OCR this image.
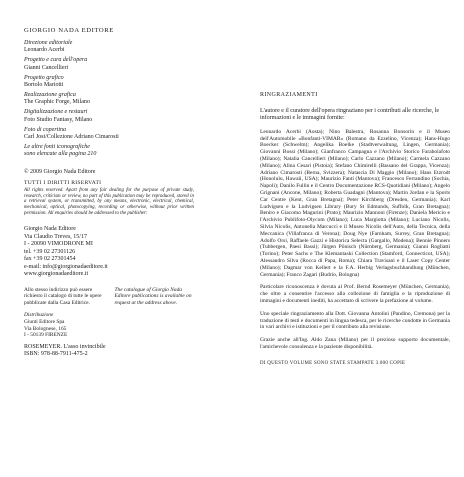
GIORGIO NADA EDITORE
Direzione editoriale
Leonardo Acerbi
Progetto e cura dell'opera
Gianni Cancellieri
Progetto grafico
Bortolo Mariotti
Realizzazione grafica
The Graphic Forge, Milano
Digitalizzazione e restauri
Foto Studio Fantasy, Milano
Foto di copertina
Carl Jost/Collezione Adriano Cimarosti
Le altre fonti iconografiche
sono elencate alla pagina 210
© 2009 Giorgio Nada Editore
TUTTI I DIRITTI RISERVATI
All rights reserved. Apart from any fair dealing for the purpose of private study, research, criticism or review, no part of this publication may be reproduced, stored in a retrieval system, or transmitted, by any means, electronic, electrical, chemical, mechanical, optical, photocopying, recording or otherwise, without prior written permission. All enquiries should be addressed to the publisher:
Giorgio Nada Editore
Via Claudio Treves, 15/17
I - 20090 VIMODRONE MI
tel. +39 02 27301126
fax +39 02 27301454
e-mail: info@giorgionadaeditore.it
www.giorgionadaeditore.it
Allo stesso indirizzo può essere richiesto il catalogo di tutte le opere pubblicate dalla Casa Editrice.
Distribuzione
Giunti Editore Spa
Via Bolognese, 165
I - 50139 FIRENZE
The catalogue of Giorgio Nada Editore publications is available on request at the address above.
ROSEMEYER. L'asso invincibile
ISBN: 978-88-7911-475-2
RINGRAZIAMENTI
L'autore e il curatore dell'opera ringraziano per i contributi alle ricerche, le informazioni e le immagini fornite:
Leonardo Acerbi (Aosta); Nino Balestra, Rosanna Bonsorin e il Museo dell'Automobile «Bonfanti-VIMAR» (Romano da Ezzelino, Vicenza); Hans-Hugo Boecker (Schwelm); Angelika Boelke (Stadtverwaltung, Lingen, Germania); Giovanni Bossi (Milano); Gianfranco Campagna e l'Archivio Storico Farabolafoto (Milano); Natalia Cancellieri (Milano); Carlo Cazzano (Milano); Carmela Cazzano (Milano); Alina Cesari (Pistoia); Stefano Chimirelli (Bassano del Grappa, Vicenza); Adriano Cimarosti (Berna, Svizzera); Natascia Di Maggio (Milano); Hans Etzrodt (Honolulu, Hawaii, USA); Maurizio Fanti (Mantova); Francesco Ferrandino (Sochia, Napoli); Danilo Fullin e il Centro Documentazione RCS-Quotidiani (Milano); Angelo Grignani (Ancone, Milano); Roberta Guadagni (Mantova); Martin Jordan e la Sports Car Centre (Kent, Gran Bretagna); Peter Kirchberg (Dresden, Germania); Karl Ludvigsen e la Ludvigsen Library (Bury St Edmunds, Suffolk, Gran Bretagna); Beniro e Giacomo Magurini (Prato); Maurizio Mannoni (Firenze); Daniela Mericio e l'Archivio Publifoto-Olycom (Milano); Luca Margiotta (Milano); Luciano Nicolis, Silvia Nicolis, Antonella Marcucci e il Museo Nicolis dell'Auto, della Tecnica, della Meccanica (Villafranca di Verona); Doug Nye (Farnham, Surrey, Gran Bretagna); Adolfo Orsi, Raffaele Gazzi e Historica Selecta (Gargallo, Modena); Bennie Pinners (Tubbergen, Paesi Bassi); Jürgen Pönisch (Nürnberg, Germania); Gianni Rogliatti (Torino); Peter Sachs e The Klemantaski Collection (Stamford, Connecticut, USA); Alessandro Silva (Rocca di Papa, Roma); Chiara Travisani e il Laser Copy Center (Milano); Dagmar von Kellert e la F.A. Herbig Verlagsbuchhandlung (München, Germania); Franco Zagari (Budrio, Bologna)
Particolare riconoscenza è dovuta al Prof. Bernd Rosemeyer (München, Germania), che oltre a consentire l'accesso alla collezione di famiglia e la riproduzione di immagini e documenti inediti, ha accettato di scrivere la prefazione al volume.
Uno speciale ringraziamento alla Dott. Giovanna Antolini (Pandino, Cremona) per la traduzione di testi e documenti in lingua tedesca, per le ricerche condotte in Germania in vari archivi e istituzioni e per il contributo alla revisione.
Grazie anche all'Ing. Aldo Zana (Milano) per il prezioso supporto documentale, l'amichevole consulenza e la paziente disponibilità.
DI QUESTO VOLUME SONO STATE STAMPATE 3.000 COPIE
